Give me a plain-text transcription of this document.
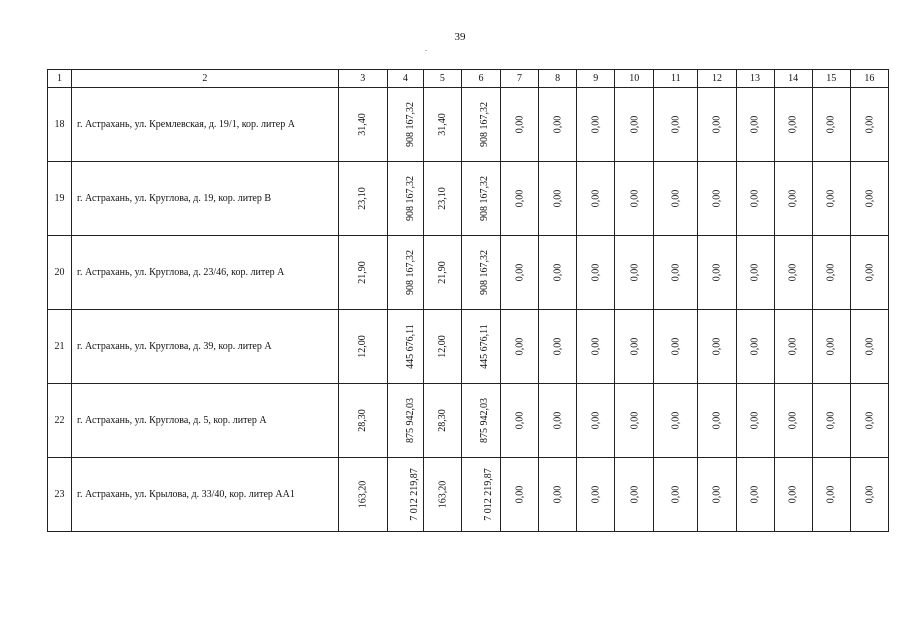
39
1	2	3	4	5	6	7	8	9	10	11	12	13	14	15	16
18	г. Астрахань, ул. Кремлевская, д. 19/1, кор. литер А	31,40	908 167,32	31,40	908 167,32	0,00	0,00	0,00	0,00	0,00	0,00	0,00	0,00	0,00	0,00
19	г. Астрахань, ул. Круглова, д. 19, кор. литер В	23,10	908 167,32	23,10	908 167,32	0,00	0,00	0,00	0,00	0,00	0,00	0,00	0,00	0,00	0,00
20	г. Астрахань, ул. Круглова, д. 23/46, кор. литер А	21,90	908 167,32	21,90	908 167,32	0,00	0,00	0,00	0,00	0,00	0,00	0,00	0,00	0,00	0,00
21	г. Астрахань, ул. Круглова, д. 39, кор. литер А	12,00	445 676,11	12,00	445 676,11	0,00	0,00	0,00	0,00	0,00	0,00	0,00	0,00	0,00	0,00
22	г. Астрахань, ул. Круглова, д. 5, кор. литер А	28,30	875 942,03	28,30	875 942,03	0,00	0,00	0,00	0,00	0,00	0,00	0,00	0,00	0,00	0,00
23	г. Астрахань, ул. Крылова, д. 33/40, кор. литер АА1	163,20	7 012 219,87	163,20	7 012 219,87	0,00	0,00	0,00	0,00	0,00	0,00	0,00	0,00	0,00	0,00
